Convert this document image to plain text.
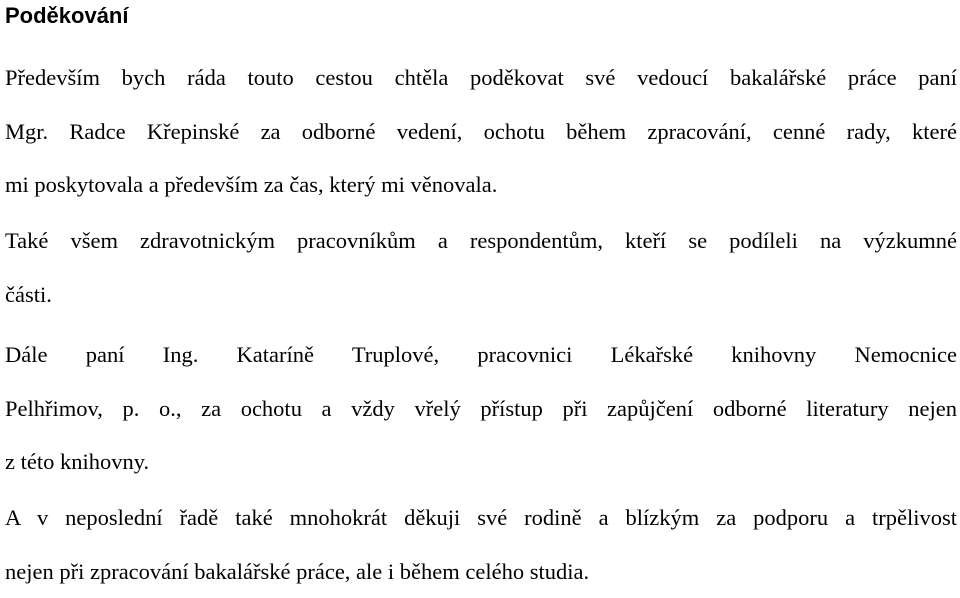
Poděkování
Především bych ráda touto cestou chtěla poděkovat své vedoucí bakalářské práce paní
Mgr. Radce Křepinské za odborné vedení, ochotu během zpracování, cenné rady, které
mi poskytovala a především za čas, který mi věnovala.
Také všem zdravotnickým pracovníkům a respondentům, kteří se podíleli na výzkumné
části.
Dále paní Ing. Kataríně Truplové, pracovnici Lékařské knihovny Nemocnice
Pelhřimov, p. o., za ochotu a vždy vřelý přístup při zapůjčení odborné literatury nejen
z této knihovny.
A v neposlední řadě také mnohokrát děkuji své rodině a blízkým za podporu a trpělivost
nejen při zpracování bakalářské práce, ale i během celého studia.
